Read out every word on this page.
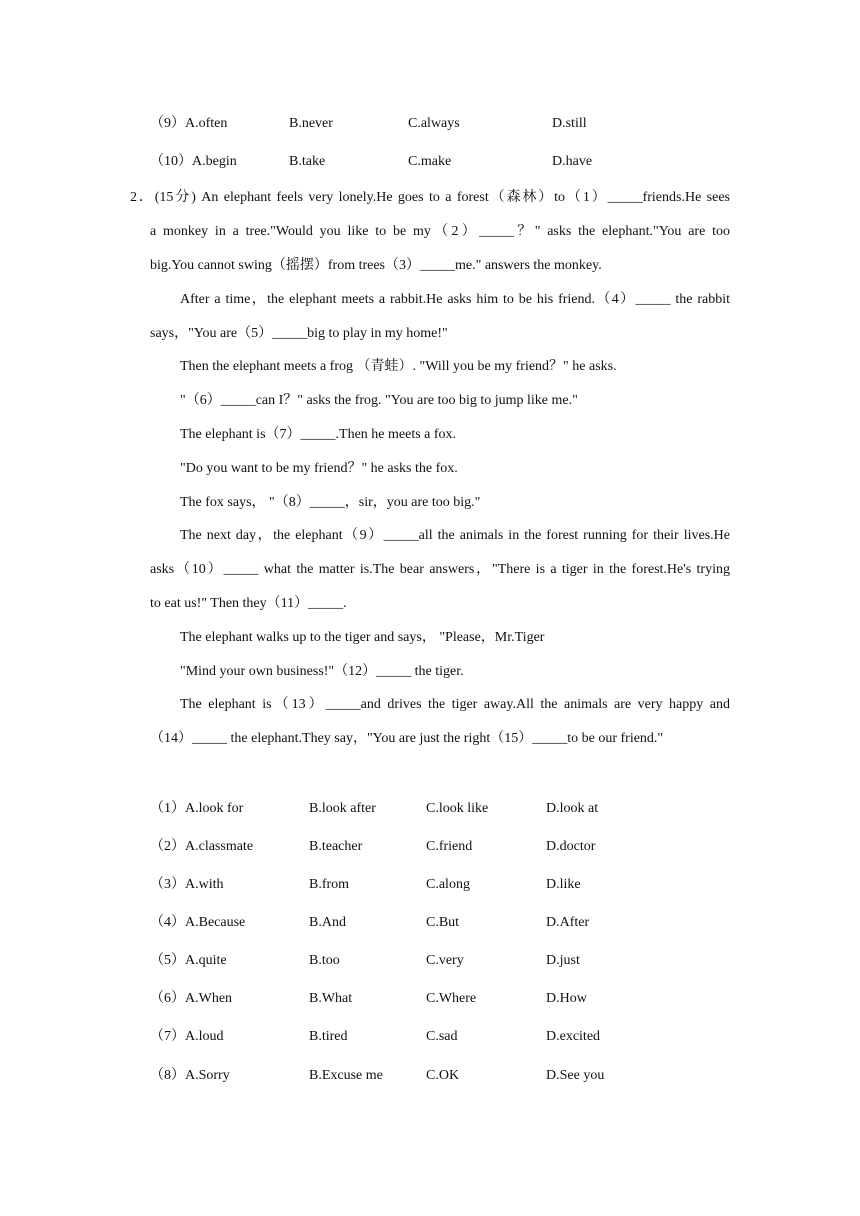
（9）A.often	B.never	C.always	D.still
（10）A.begin	B.take	C.make	D.have
2．(15分) An elephant feels very lonely.He goes to a forest（森林）to（1）_____friends.He sees
a monkey in a tree."Would you like to be my（2）_____？" asks the elephant."You are too
big.You cannot swing（摇摆）from trees（3）_____me." answers the monkey.
After a time，the elephant meets a rabbit.He asks him to be his friend.（4）_____ the rabbit
says，"You are（5）_____big to play in my home!"
Then the elephant meets a frog （青蛙）. "Will you be my friend？" he asks.
"（6）_____can I？" asks the frog. "You are too big to jump like me."
The elephant is（7）_____.Then he meets a fox.
"Do you want to be my friend？" he asks the fox.
The fox says， "（8）_____，sir，you are too big."
The next day，the elephant（9）_____all the animals in the forest running for their lives.He
asks（10）_____ what the matter is.The bear answers，"There is a tiger in the forest.He's trying
to eat us!" Then they（11）_____.
The elephant walks up to the tiger and says， "Please，Mr.Tiger
"Mind your own business!"（12）_____ the tiger.
The elephant is（13）_____and drives the tiger away.All the animals are very happy and
（14）_____ the elephant.They say，"You are just the right（15）_____to be our friend."
（1）A.look for	B.look after	C.look like	D.look at
（2）A.classmate	B.teacher	C.friend	D.doctor
（3）A.with	B.from	C.along	D.like
（4）A.Because	B.And	C.But	D.After
（5）A.quite	B.too	C.very	D.just
（6）A.When	B.What	C.Where	D.How
（7）A.loud	B.tired	C.sad	D.excited
（8）A.Sorry	B.Excuse me	C.OK	D.See you
